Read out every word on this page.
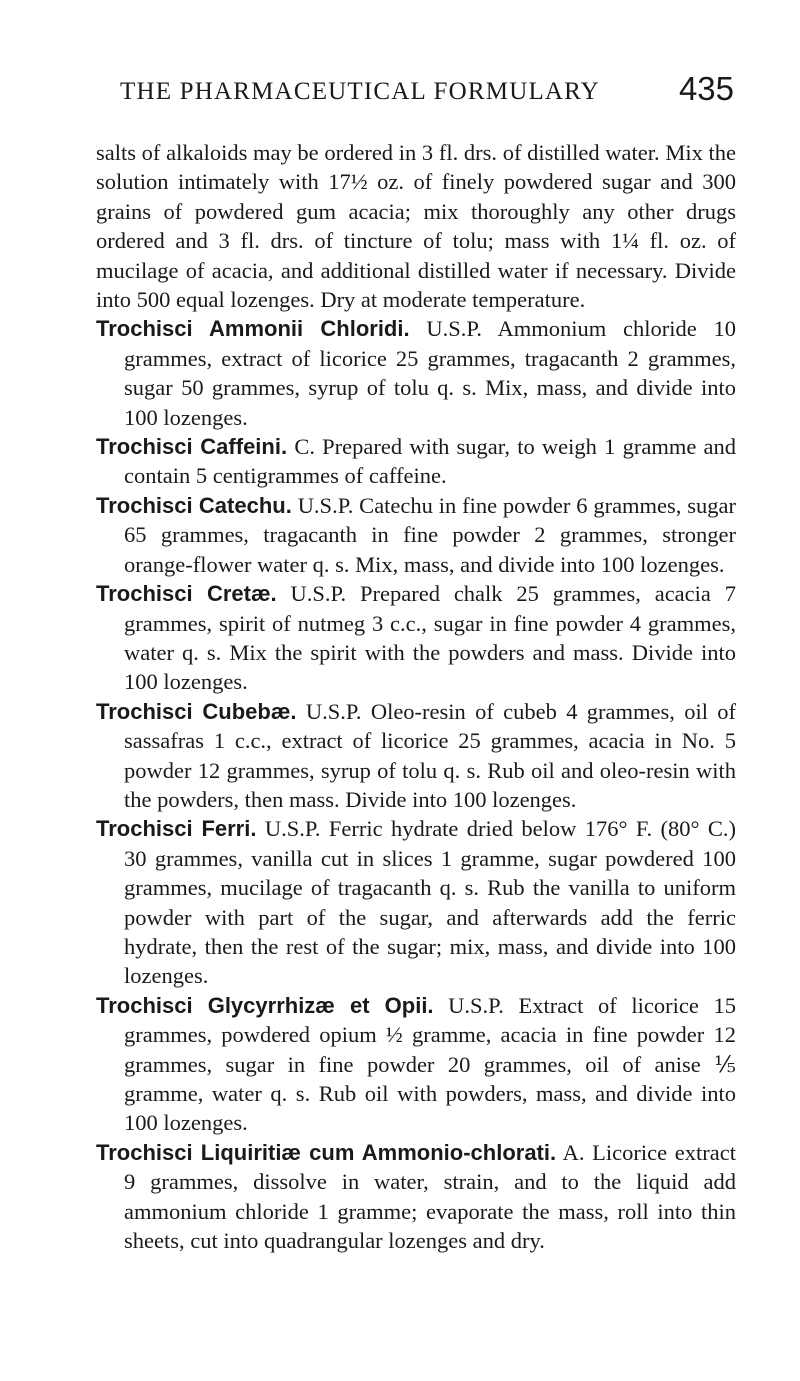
THE PHARMACEUTICAL FORMULARY 435

salts of alkaloids may be ordered in 3 fl. drs. of distilled water. Mix the solution intimately with 17½ oz. of finely powdered sugar and 300 grains of powdered gum acacia; mix thoroughly any other drugs ordered and 3 fl. drs. of tincture of tolu; mass with 1¼ fl. oz. of mucilage of acacia, and additional distilled water if necessary. Divide into 500 equal lozenges. Dry at moderate temperature.

Trochisci Ammonii Chloridi. U.S.P. Ammonium chloride 10 grammes, extract of licorice 25 grammes, tragacanth 2 grammes, sugar 50 grammes, syrup of tolu q. s. Mix, mass, and divide into 100 lozenges.

Trochisci Caffeini. C. Prepared with sugar, to weigh 1 gramme and contain 5 centigrammes of caffeine.

Trochisci Catechu. U.S.P. Catechu in fine powder 6 grammes, sugar 65 grammes, tragacanth in fine powder 2 grammes, stronger orange-flower water q. s. Mix, mass, and divide into 100 lozenges.

Trochisci Cretæ. U.S.P. Prepared chalk 25 grammes, acacia 7 grammes, spirit of nutmeg 3 c.c., sugar in fine powder 4 grammes, water q. s. Mix the spirit with the powders and mass. Divide into 100 lozenges.

Trochisci Cubebæ. U.S.P. Oleo-resin of cubeb 4 grammes, oil of sassafras 1 c.c., extract of licorice 25 grammes, acacia in No. 5 powder 12 grammes, syrup of tolu q. s. Rub oil and oleo-resin with the powders, then mass. Divide into 100 lozenges.

Trochisci Ferri. U.S.P. Ferric hydrate dried below 176° F. (80° C.) 30 grammes, vanilla cut in slices 1 gramme, sugar powdered 100 grammes, mucilage of tragacanth q. s. Rub the vanilla to uniform powder with part of the sugar, and afterwards add the ferric hydrate, then the rest of the sugar; mix, mass, and divide into 100 lozenges.

Trochisci Glycyrrhizæ et Opii. U.S.P. Extract of licorice 15 grammes, powdered opium ½ gramme, acacia in fine powder 12 grammes, sugar in fine powder 20 grammes, oil of anise ⅕ gramme, water q. s. Rub oil with powders, mass, and divide into 100 lozenges.

Trochisci Liquiritiæ cum Ammonio-chlorati. A. Licorice extract 9 grammes, dissolve in water, strain, and to the liquid add ammonium chloride 1 gramme; evaporate the mass, roll into thin sheets, cut into quadrangular lozenges and dry.
